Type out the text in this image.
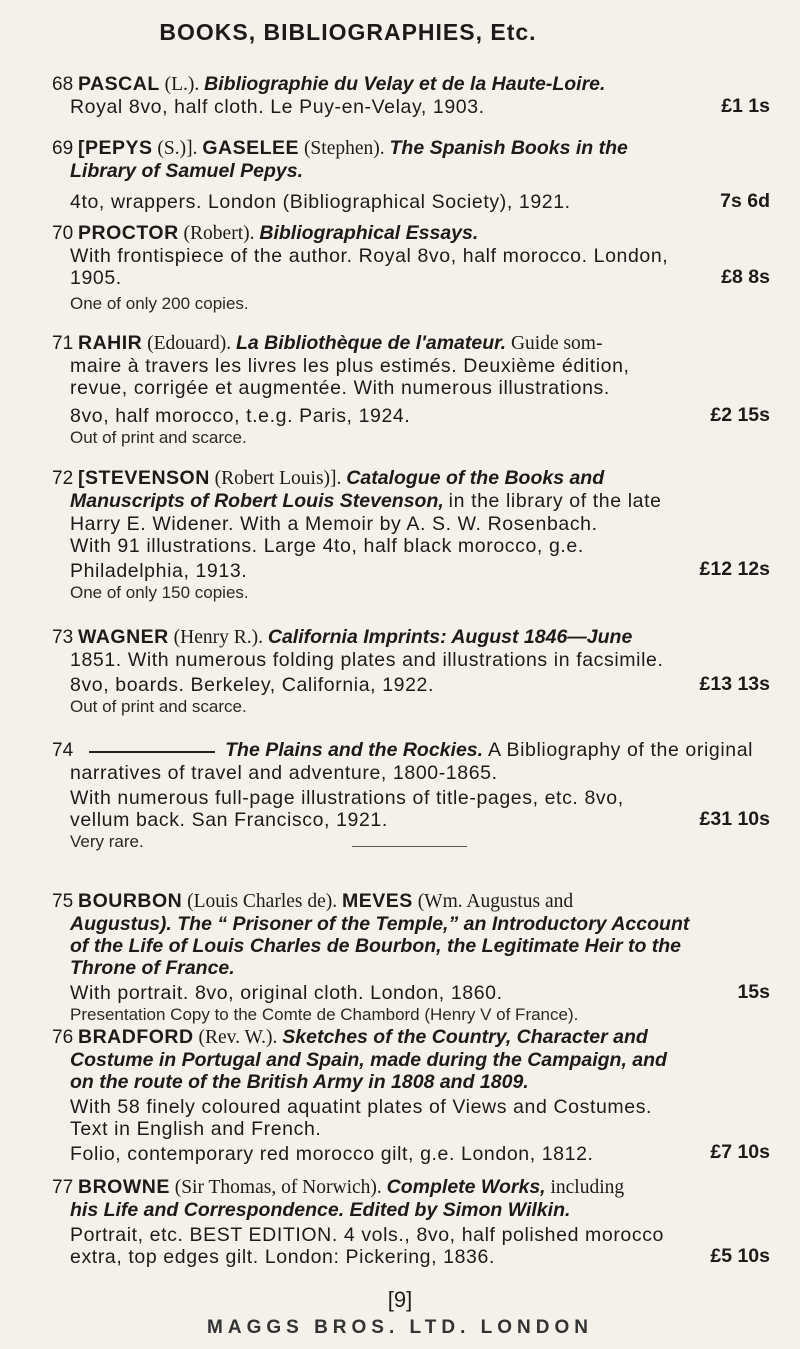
BOOKS, BIBLIOGRAPHIES, Etc.
68 PASCAL (L.). Bibliographie du Velay et de la Haute-Loire.
Royal 8vo, half cloth. Le Puy-en-Velay, 1903.	£1 1s
69 [PEPYS (S.)]. GASELEE (Stephen). The Spanish Books in the
Library of Samuel Pepys.
4to, wrappers. London (Bibliographical Society), 1921.	7s 6d
70 PROCTOR (Robert). Bibliographical Essays.
With frontispiece of the author. Royal 8vo, half morocco. London,
1905.
One of only 200 copies.
£8 8s
71 RAHIR (Edouard). La Bibliothèque de l'amateur. Guide som-
maire à travers les livres les plus estimés. Deuxième édition,
revue, corrigée et augmentée. With numerous illustrations.
8vo, half morocco, t.e.g. Paris, 1924.
Out of print and scarce.
£2 15s
72 [STEVENSON (Robert Louis)]. Catalogue of the Books and
Manuscripts of Robert Louis Stevenson, in the library of the late
Harry E. Widener. With a Memoir by A. S. W. Rosenbach.
With 91 illustrations. Large 4to, half black morocco, g.e.
Philadelphia, 1913.
One of only 150 copies.
£12 12s
73 WAGNER (Henry R.). California Imprints: August 1846—June
1851. With numerous folding plates and illustrations in facsimile.
8vo, boards. Berkeley, California, 1922.
Out of print and scarce.
£13 13s
74	The Plains and the Rockies. A Bibliography of the original
narratives of travel and adventure, 1800-1865.
With numerous full-page illustrations of title-pages, etc. 8vo,
vellum back. San Francisco, 1921.
Very rare.
£31 10s
75 BOURBON (Louis Charles de). MEVES (Wm. Augustus and
Augustus). The “ Prisoner of the Temple,” an Introductory Account
of the Life of Louis Charles de Bourbon, the Legitimate Heir to the
Throne of France.
With portrait. 8vo, original cloth. London, 1860.
Presentation Copy to the Comte de Chambord (Henry V of France).
15s
76 BRADFORD (Rev. W.). Sketches of the Country, Character and
Costume in Portugal and Spain, made during the Campaign, and
on the route of the British Army in 1808 and 1809.
With 58 finely coloured aquatint plates of Views and Costumes.
Text in English and French.
Folio, contemporary red morocco gilt, g.e. London, 1812.	£7 10s
77 BROWNE (Sir Thomas, of Norwich). Complete Works, including
his Life and Correspondence. Edited by Simon Wilkin.
Portrait, etc. BEST EDITION. 4 vols., 8vo, half polished morocco
extra, top edges gilt. London: Pickering, 1836.	£5 10s
[9]
MAGGS BROS. LTD. LONDON
